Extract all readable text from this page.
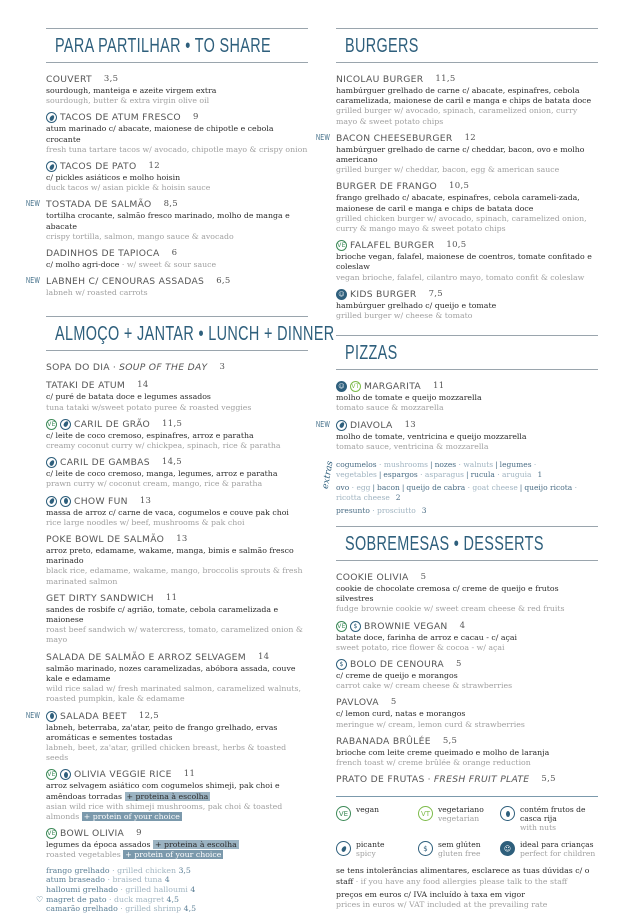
PARA PARTILHAR • TO SHARE
COUVERT 3,5
sourdough, manteiga e azeite virgem extra
sourdough, butter & extra virgin olive oil
TACOS DE ATUM FRESCO 9
atum marinado c/ abacate, maionese de chipotle e cebola crocante
fresh tuna tartare tacos w/ avocado, chipotle mayo & crispy onion
TACOS DE PATO 12
c/ pickles asiáticos e molho hoisin
duck tacos w/ asian pickle & hoisin sauce
NEW TOSTADA DE SALMÃO 8,5
tortilha crocante, salmão fresco marinado, molho de manga e abacate
crispy tortilla, salmon, mango sauce & avocado
DADINHOS DE TAPIOCA 6
c/ molho agri-doce · w/ sweet & sour sauce
NEW LABNEH C/ CENOURAS ASSADAS 6,5
labneh w/ roasted carrots
ALMOÇO + JANTAR • LUNCH + DINNER
SOPA DO DIA · SOUP OF THE DAY 3
TATAKI DE ATUM 14
c/ puré de batata doce e legumes assados
tuna tataki w/sweet potato puree & roasted veggies
VE CARIL DE GRÃO 11,5
c/ leite de coco cremoso, espinafres, arroz e paratha
creamy coconut curry w/ chickpea, spinach, rice & paratha
CARIL DE GAMBAS 14,5
c/ leite de coco cremoso, manga, legumes, arroz e paratha
prawn curry w/ coconut cream, mango, rice & paratha
CHOW FUN 13
massa de arroz c/ carne de vaca, cogumelos e couve pak choi
rice large noodles w/ beef, mushrooms & pak choi
POKE BOWL DE SALMÃO 13
arroz preto, edamame, wakame, manga, bimis e salmão fresco marinado
black rice, edamame, wakame, mango, broccolis sprouts & fresh marinated salmon
GET DIRTY SANDWICH 11
sandes de rosbife c/ agrião, tomate, cebola caramelizada e maionese
roast beef sandwich w/ watercress, tomato, caramelized onion & mayo
SALADA DE SALMÃO E ARROZ SELVAGEM 14
salmão marinado, nozes caramelizadas, abóbora assada, couve kale e edamame
wild rice salad w/ fresh marinated salmon, caramelized walnuts, roasted pumpkin, kale & edamame
NEW SALADA BEET 12,5
labneh, beterraba, za'atar, peito de frango grelhado, ervas aromáticas e sementes tostadas
labneh, beet, za'atar, grilled chicken breast, herbs & toasted seeds
VE OLIVIA VEGGIE RICE 11
arroz selvagem asiático com cogumelos shimeji, pak choi e amêndoas torradas + proteina à escolha
asian wild rice with shimeji mushrooms, pak choi & toasted almonds + protein of your choice
VE BOWL OLIVIA 9
legumes da época assados + proteina à escolha
roasted vegetables + protein of your choice
frango grelhado · grilled chicken 3,5
atum braseado · braised tuna 4
halloumi grelhado · grilled halloumi 4
♡ magret de pato · duck magret 4,5
camarão grelhado · grilled shrimp 4,5
BURGERS
NICOLAU BURGER 11,5
hambúrguer grelhado de carne c/ abacate, espinafres, cebola caramelizada, maionese de caril e manga e chips de batata doce
grilled burger w/ avocado, spinach, caramelized onion, curry mayo & sweet potato chips
NEW BACON CHEESEBURGER 12
hambúrguer grelhado de carne c/ cheddar, bacon, ovo e molho americano
grilled burger w/ cheddar, bacon, egg & american sauce
BURGER DE FRANGO 10,5
frango grelhado c/ abacate, espinafres, cebola carameli-zada, maionese de caril e manga e chips de batata doce
grilled chicken burger w/ avocado, spinach, caramelized onion, curry & mango mayo & sweet potato chips
VE FALAFEL BURGER 10,5
brioche vegan, falafel, maionese de coentros, tomate confitado e coleslaw
vegan brioche, falafel, cilantro mayo, tomato confit & coleslaw
☺ KIDS BURGER 7,5
hambúrguer grelhado c/ queijo e tomate
grilled burger w/ cheese & tomato
PIZZAS
☺	VT MARGARITA 11
molho de tomate e queijo mozzarella
tomato sauce & mozzarella
NEW DIAVOLA 13
molho de tomate, ventricina e queijo mozzarella
tomato sauce, ventricina & mozzarella
extras cogumelos · mushrooms | nozes · walnuts | legumes · vegetables | espargos · asparagus | rucula · aruguia 1
ovo · egg | bacon | queijo de cabra · goat cheese | queijo ricota · ricotta cheese 2
presunto · prosciutto 3
SOBREMESAS • DESSERTS
COOKIE OLIVIA 5
cookie de chocolate cremosa c/ creme de queijo e frutos silvestres
fudge brownie cookie w/ sweet cream cheese & red fruits
VE	$ BROWNIE VEGAN 4
batate doce, farinha de arroz e cacau - c/ açai
sweet potato, rice flower & cocoa - w/ açai
$ BOLO DE CENOURA 5
c/ creme de queijo e morangos
carrot cake w/ cream cheese & strawberries
PAVLOVA 5
c/ lemon curd, natas e morangos
meringue w/ cream, lemon curd & strawberries
RABANADA BRÛLÉE 5,5
brioche com leite creme queimado e molho de laranja
french toast w/ creme brûlée & orange reduction
PRATO DE FRUTAS · FRESH FRUIT PLATE 5,5
VE	vegan	VT	vegetariano
vegetarian
contém frutos de casca rija
with nuts
picante
spicy
$	sem glúten
gluten free
☺	ideal para crianças
perfect for children
se tens intolerâncias alimentares, esclarece as tuas dúvidas c/ o staff · if you have any food allergies please talk to the staff
preços em euros c/ IVA incluído à taxa em vigor
prices in euros w/ VAT included at the prevailing rate
